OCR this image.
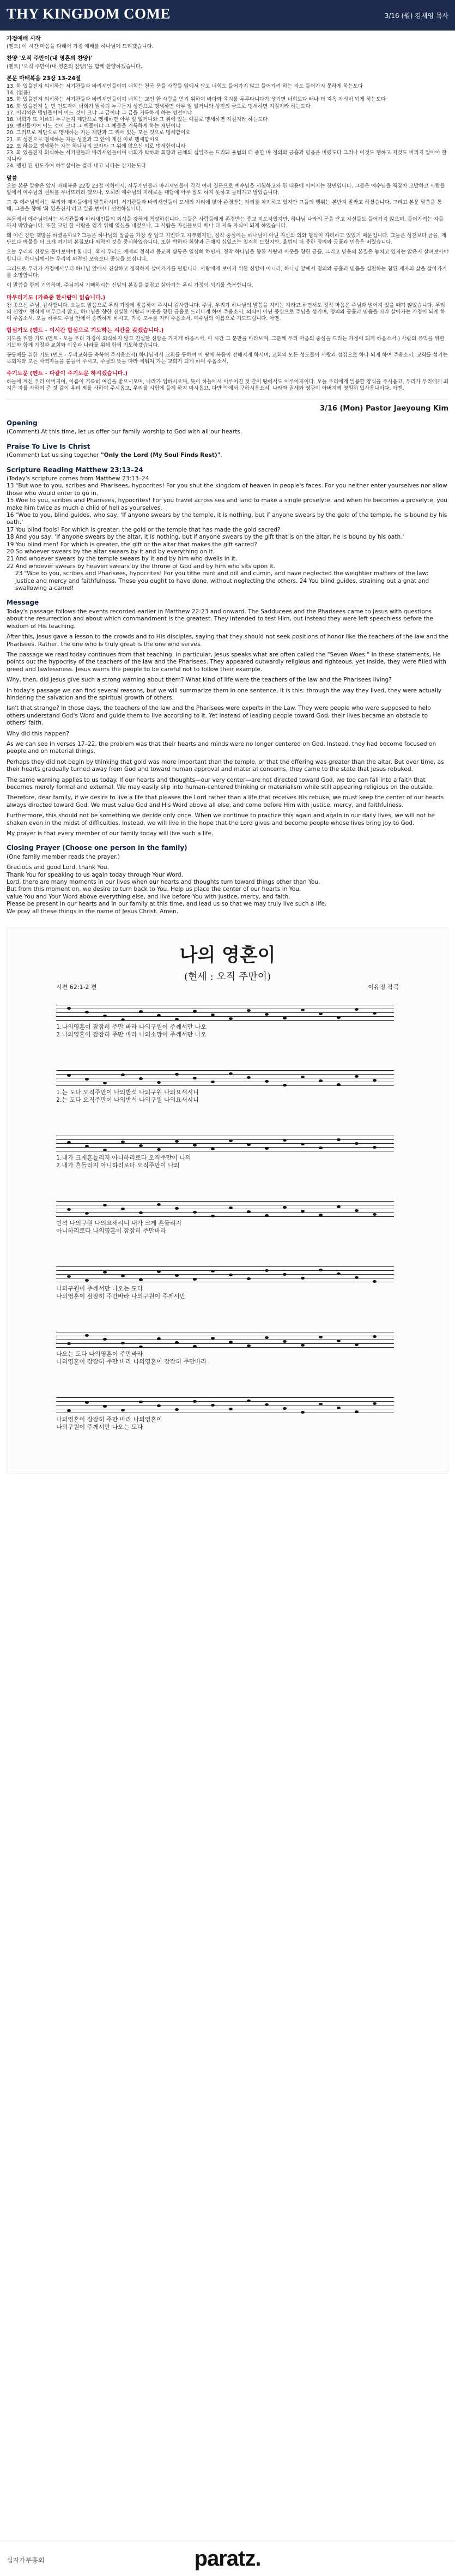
THY KINGDOM COME	3/16 (월) 김재영 목사
가정예배 시작

(멘트) 이 시간 마음을 다해서 가정 예배를 하나님께 드리겠습니다.

찬양 '오직 주만이(내 영혼의 찬양)'

(멘트) '오직 주만이(내 영혼의 찬양)'을 함께 찬양하겠습니다.

본문 마태복음 23장 13-24절

13. 화 있을진저 외식하는 서기관들과 바리새인들이여 너희는 천국 문을 사람들 앞에서 닫고 너희도 들어가지 않고 들어가려 하는 자도 들어가지 못하게 하는도다

14. (없음)

15. 화 있을진저 외식하는 서기관들과 바리새인들이여 너희는 교인 한 사람을 얻기 위하여 바다와 육지를 두루다니다가 생기면 너희보다 배나 더 지옥 자식이 되게 하는도다

16. 화 있을진저 눈 먼 인도자여 너희가 말하되 누구든지 성전으로 맹세하면 아무 일 없거니와 성전의 금으로 맹세하면 지킬지라 하는도다

17. 어리석은 맹인들이여 어느 것이 크냐 그 금이냐 그 금을 거룩하게 하는 성전이냐

18. 너희가 또 이르되 누구든지 제단으로 맹세하면 아무 일 없거니와 그 위에 있는 예물로 맹세하면 지킬지라 하는도다

19. 맹인들이여 어느 것이 크냐 그 예물이냐 그 예물을 거룩하게 하는 제단이냐

20. 그러므로 제단으로 맹세하는 자는 제단과 그 위에 있는 모든 것으로 맹세함이요

21. 또 성전으로 맹세하는 자는 성전과 그 안에 계신 이로 맹세함이요

22. 또 하늘로 맹세하는 자는 하나님의 보좌와 그 위에 앉으신 이로 맹세함이니라

23. 화 있을진저 외식하는 서기관들과 바리새인들이여 너희가 박하와 회향과 근채의 십일조는 드리되 율법의 더 중한 바 정의와 긍휼과 믿음은 버렸도다 그러나 이것도 행하고 저것도 버리지 말아야 할지니라

24. 맹인 된 인도자여 하루살이는 걸러 내고 낙타는 삼키는도다

말씀

오늘 본문 말씀은 앞서 마태복음 22장 23절 이하에서, 사두개인들과 바리새인들이 각각 여러 질문으로 예수님을 시험하고자 한 내용에 이어지는 장면입니다. 그들은 예수님을 책잡아 고발하고 사람들 앞에서 예수님의 권위를 무너뜨리려 했으나, 오히려 예수님의 지혜로운 대답에 아무 말도 하지 못하고 물러가고 말았습니다.

그 후 예수님께서는 무리와 제자들에게 말씀하시며, 서기관들과 바리새인들이 모세의 자리에 앉아 존경받는 자리를 차지하고 있지만 그들의 행위는 본받지 말라고 하셨습니다. 그리고 본문 말씀을 통해, 그들을 향해 '화 있을진저'라고 일곱 번이나 선언하십니다.

본문에서 예수님께서는 서기관들과 바리새인들의 외식을 강하게 책망하십니다. 그들은 사람들에게 존경받는 종교 지도자였지만, 하나님 나라의 문을 닫고 자신들도 들어가지 않으며, 들어가려는 자들까지 막았습니다. 또한 교인 한 사람을 얻기 위해 열심을 내었으나, 그 사람을 자신들보다 배나 더 지옥 자식이 되게 하였습니다.

왜 이런 강한 책망을 하셨을까요? 그들은 하나님의 말씀을 가장 잘 알고 지킨다고 자부했지만, 정작 중심에는 하나님이 아닌 자신의 의와 형식이 자리하고 있었기 때문입니다. 그들은 성전보다 금을, 제단보다 예물을 더 크게 여기며 본질보다 외적인 것을 중시하였습니다. 또한 박하와 회향과 근채의 십일조는 철저히 드렸지만, 율법의 더 중한 정의와 긍휼과 믿음은 버렸습니다.

오늘 우리의 신앙도 돌아보아야 합니다. 혹시 우리도 예배의 형식과 종교적 활동은 열심히 하면서, 정작 하나님을 향한 사랑과 이웃을 향한 긍휼, 그리고 믿음의 본질은 놓치고 있지는 않은지 살펴보아야 합니다. 하나님께서는 우리의 외적인 모습보다 중심을 보십니다.

그러므로 우리가 가정에서부터 하나님 앞에서 진실하고 정직하게 살아가기를 원합니다. 사람에게 보이기 위한 신앙이 아니라, 하나님 앞에서 정의와 긍휼과 믿음을 실천하는 참된 제자의 삶을 살아가기를 소망합니다.

이 말씀을 함께 기억하며, 주님께서 기뻐하시는 신앙의 본질을 붙잡고 살아가는 우리 가정이 되기를 축복합니다.

마무리기도 (가족중 한사람이 읽습니다.)

참 좋으신 주님, 감사합니다. 오늘도 말씀으로 우리 가정에 말씀하여 주시니 감사합니다. 주님, 우리가 하나님의 말씀을 지키는 자라고 하면서도 정작 마음은 주님과 멀어져 있을 때가 많았습니다. 우리의 신앙이 형식에 머무르지 않고, 하나님을 향한 진실한 사랑과 이웃을 향한 긍휼로 드러나게 하여 주옵소서. 외식이 아닌 중심으로 주님을 섬기며, 정의와 긍휼과 믿음을 따라 살아가는 가정이 되게 하여 주옵소서. 오늘 하루도 주님 안에서 승리하게 하시고, 가족 모두를 지켜 주옵소서. 예수님의 이름으로 기도드립니다. 아멘.

합심기도 (멘트 - 이시간 합심으로 기도하는 시간을 갖겠습니다.)

기도를 위한 기도 (멘트 - 오늘 우리 가정이 외식하지 않고 진실한 신앙을 가지게 하옵소서, 이 시간 그 분만을 바라보며, 그분께 우리 마음의 중심을 드리는 가정이 되게 하옵소서.) 사람의 유익을 위한 기도와 함께 가정과 교회와 이웃과 나라를 위해 함께 기도하겠습니다.

공동체를 위한 기도 (멘트 - 우리교회를 축복해 주시옵소서) 하나님께서 교회를 통하여 이 땅에 복음이 전해지게 하시며, 교회의 모든 성도들이 사랑과 섬김으로 하나 되게 하여 주옵소서. 교회를 섬기는 목회자와 모든 사역자들을 붙들어 주시고, 주님의 뜻을 따라 세워져 가는 교회가 되게 하여 주옵소서.

주기도문 (멘트 - 다같이 주기도문 하시겠습니다.)

하늘에 계신 우리 아버지여, 이름이 거룩히 여김을 받으시오며, 나라가 임하시오며, 뜻이 하늘에서 이루어진 것 같이 땅에서도 이루어지이다. 오늘 우리에게 일용할 양식을 주시옵고, 우리가 우리에게 죄 지은 자를 사하여 준 것 같이 우리 죄를 사하여 주시옵고, 우리를 시험에 들게 하지 마시옵고, 다만 악에서 구하시옵소서. 나라와 권세와 영광이 아버지께 영원히 있사옵나이다. 아멘.

3/16 (Mon) Pastor Jaeyoung Kim
Opening

(Comment) At this time, let us offer our family worship to God with all our hearts.

Praise To Live Is Christ

(Comment) Let us sing together "Only the Lord (My Soul Finds Rest)".

Scripture Reading Matthew 23:13–24

(Today's scripture comes from Matthew 23:13–24

13 "But woe to you, scribes and Pharisees, hypocrites! For you shut the kingdom of heaven in people's faces. For you neither enter yourselves nor allow those who would enter to go in.

15 Woe to you, scribes and Pharisees, hypocrites! For you travel across sea and land to make a single proselyte, and when he becomes a proselyte, you make him twice as much a child of hell as yourselves.

16 "Woe to you, blind guides, who say, 'If anyone swears by the temple, it is nothing, but if anyone swears by the gold of the temple, he is bound by his oath.'

17 You blind fools! For which is greater, the gold or the temple that has made the gold sacred?

18 And you say, 'If anyone swears by the altar, it is nothing, but if anyone swears by the gift that is on the altar, he is bound by his oath.'

19 You blind men! For which is greater, the gift or the altar that makes the gift sacred?

20 So whoever swears by the altar swears by it and by everything on it.

21 And whoever swears by the temple swears by it and by him who dwells in it.

22 And whoever swears by heaven swears by the throne of God and by him who sits upon it.

23 "Woe to you, scribes and Pharisees, hypocrites! For you tithe mint and dill and cumin, and have neglected the weightier matters of the law: justice and mercy and faithfulness. These you ought to have done, without neglecting the others. 24 You blind guides, straining out a gnat and swallowing a camel!

Message

Today's passage follows the events recorded earlier in Matthew 22:23 and onward. The Sadducees and the Pharisees came to Jesus with questions about the resurrection and about which commandment is the greatest. They intended to test Him, but instead they were left speechless before the wisdom of His teaching.

After this, Jesus gave a lesson to the crowds and to His disciples, saying that they should not seek positions of honor like the teachers of the law and the Pharisees. Rather, the one who is truly great is the one who serves.

The passage we read today continues from that teaching. In particular, Jesus speaks what are often called the "Seven Woes." In these statements, He points out the hypocrisy of the teachers of the law and the Pharisees. They appeared outwardly religious and righteous, yet inside, they were filled with greed and lawlessness. Jesus warns the people to be careful not to follow their example.

Why, then, did Jesus give such a strong warning about them? What kind of life were the teachers of the law and the Pharisees living?

In today's passage we can find several reasons, but we will summarize them in one sentence, it is this: through the way they lived, they were actually hindering the salvation and the spiritual growth of others.

Isn't that strange? In those days, the teachers of the law and the Pharisees were experts in the Law. They were people who were supposed to help others understand God's Word and guide them to live according to it. Yet instead of leading people toward God, their lives became an obstacle to others' faith.

Why did this happen?

As we can see in verses 17–22, the problem was that their hearts and minds were no longer centered on God. Instead, they had become focused on people and on material things.

Perhaps they did not begin by thinking that gold was more important than the temple, or that the offering was greater than the altar. But over time, as their hearts gradually turned away from God and toward human approval and material concerns, they came to the state that Jesus rebuked.

The same warning applies to us today. If our hearts and thoughts—our very center—are not directed toward God, we too can fall into a faith that becomes merely formal and external. We may easily slip into human-centered thinking or materialism while still appearing religious on the outside.

Therefore, dear family, if we desire to live a life that pleases the Lord rather than a life that receives His rebuke, we must keep the center of our hearts always directed toward God. We must value God and His Word above all else, and come before Him with justice, mercy, and faithfulness.

Furthermore, this should not be something we decide only once. When we continue to practice this again and again in our daily lives, we will not be shaken even in the midst of difficulties. Instead, we will live in the hope that the Lord gives and become people whose lives bring joy to God.

My prayer is that every member of our family today will live such a life.

Closing Prayer (Choose one person in the family)

(One family member reads the prayer.)

Gracious and good Lord, thank You.

Thank You for speaking to us again today through Your Word.

Lord, there are many moments in our lives when our hearts and thoughts turn toward things other than You.

But from this moment on, we desire to turn back to You. Help us place the center of our hearts in You,

value You and Your Word above everything else, and live before You with justice, mercy, and faith.

Please be present in our hearts and in our family at this time, and lead us so that we may truly live such a life.

We pray all these things in the name of Jesus Christ. Amen.

나의 영혼이
(현세 : 오직 주만이)
시편 62:1-2 편	이유정 작곡
1.나의영혼이 잠잠히 주만 바라 나의구원이 주께서만 나오
2.나의영혼이 잠잠히 주만 바라 나의소망이 주께서만 나오
1.는 도다 오직주만이 나의반석 나의구원 나의요새시니
2.는 도다 오직주만이 나의반석 나의구원 나의요새시니
1.내가 크게흔들리지 아니하리로다 오직주만이 나의
2.내가 흔들리지 아니하리로다 오직주만이 나의
반석 나의구원 나의요새시니 내가 크게 흔들리지
아니하리로다 나의영혼이 잠잠히 주만바라
나의구원이 주께서만 나오는 도다
나의영혼이 잠잠히 주만바라 나의구원이 주께서만
나오는 도다 나의영혼이 주만바라
나의영혼이 잠잠히 주만 바라 나의영혼이 잠잠히 주만바라
나의영혼이 잠잠히 주만 바라 나의영혼이
나의구원이 주께서만 나오는 도다
십자가부흥회	paratz.
